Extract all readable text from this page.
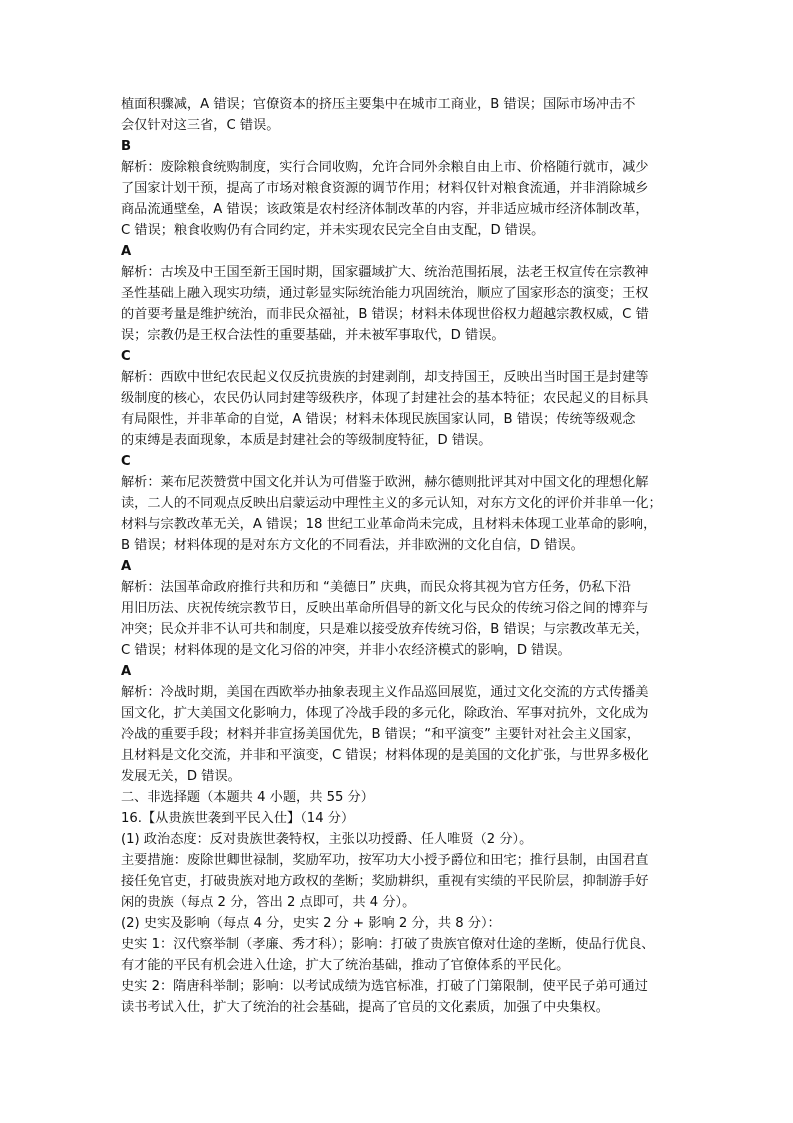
植面积骤减，A 错误；官僚资本的挤压主要集中在城市工商业，B 错误；国际市场冲击不

会仅针对这三省，C 错误。

B

解析：废除粮食统购制度，实行合同收购，允许合同外余粮自由上市、价格随行就市，减少

了国家计划干预，提高了市场对粮食资源的调节作用；材料仅针对粮食流通，并非消除城乡

商品流通壁垒，A 错误；该政策是农村经济体制改革的内容，并非适应城市经济体制改革，

C 错误；粮食收购仍有合同约定，并未实现农民完全自由支配，D 错误。

A

解析：古埃及中王国至新王国时期，国家疆域扩大、统治范围拓展，法老王权宣传在宗教神

圣性基础上融入现实功绩，通过彰显实际统治能力巩固统治，顺应了国家形态的演变；王权

的首要考量是维护统治，而非民众福祉，B 错误；材料未体现世俗权力超越宗教权威，C 错

误；宗教仍是王权合法性的重要基础，并未被军事取代，D 错误。

C

解析：西欧中世纪农民起义仅反抗贵族的封建剥削，却支持国王，反映出当时国王是封建等

级制度的核心，农民仍认同封建等级秩序，体现了封建社会的基本特征；农民起义的目标具

有局限性，并非革命的自觉，A 错误；材料未体现民族国家认同，B 错误；传统等级观念

的束缚是表面现象，本质是封建社会的等级制度特征，D 错误。

C

解析：莱布尼茨赞赏中国文化并认为可借鉴于欧洲，赫尔德则批评其对中国文化的理想化解

读，二人的不同观点反映出启蒙运动中理性主义的多元认知，对东方文化的评价并非单一化；

材料与宗教改革无关，A 错误；18 世纪工业革命尚未完成，且材料未体现工业革命的影响，

B 错误；材料体现的是对东方文化的不同看法，并非欧洲的文化自信，D 错误。

A

解析：法国革命政府推行共和历和 “美德日” 庆典，而民众将其视为官方任务，仍私下沿

用旧历法、庆祝传统宗教节日，反映出革命所倡导的新文化与民众的传统习俗之间的博弈与

冲突；民众并非不认可共和制度，只是难以接受放弃传统习俗，B 错误；与宗教改革无关，

C 错误；材料体现的是文化习俗的冲突，并非小农经济模式的影响，D 错误。

A

解析：冷战时期，美国在西欧举办抽象表现主义作品巡回展览，通过文化交流的方式传播美

国文化，扩大美国文化影响力，体现了冷战手段的多元化，除政治、军事对抗外，文化成为

冷战的重要手段；材料并非宣扬美国优先，B 错误；“和平演变” 主要针对社会主义国家，

且材料是文化交流，并非和平演变，C 错误；材料体现的是美国的文化扩张，与世界多极化

发展无关，D 错误。

二、非选择题（本题共 4 小题，共 55 分）

16.【从贵族世袭到平民入仕】（14 分）

(1) 政治态度：反对贵族世袭特权，主张以功授爵、任人唯贤（2 分）。

主要措施：废除世卿世禄制，奖励军功，按军功大小授予爵位和田宅；推行县制，由国君直

接任免官吏，打破贵族对地方政权的垄断；奖励耕织，重视有实绩的平民阶层，抑制游手好

闲的贵族（每点 2 分，答出 2 点即可，共 4 分）。

(2) 史实及影响（每点 4 分，史实 2 分 + 影响 2 分，共 8 分）：

史实 1：汉代察举制（孝廉、秀才科）；影响：打破了贵族官僚对仕途的垄断，使品行优良、

有才能的平民有机会进入仕途，扩大了统治基础，推动了官僚体系的平民化。

史实 2：隋唐科举制；影响：以考试成绩为选官标准，打破了门第限制，使平民子弟可通过

读书考试入仕，扩大了统治的社会基础，提高了官员的文化素质，加强了中央集权。
